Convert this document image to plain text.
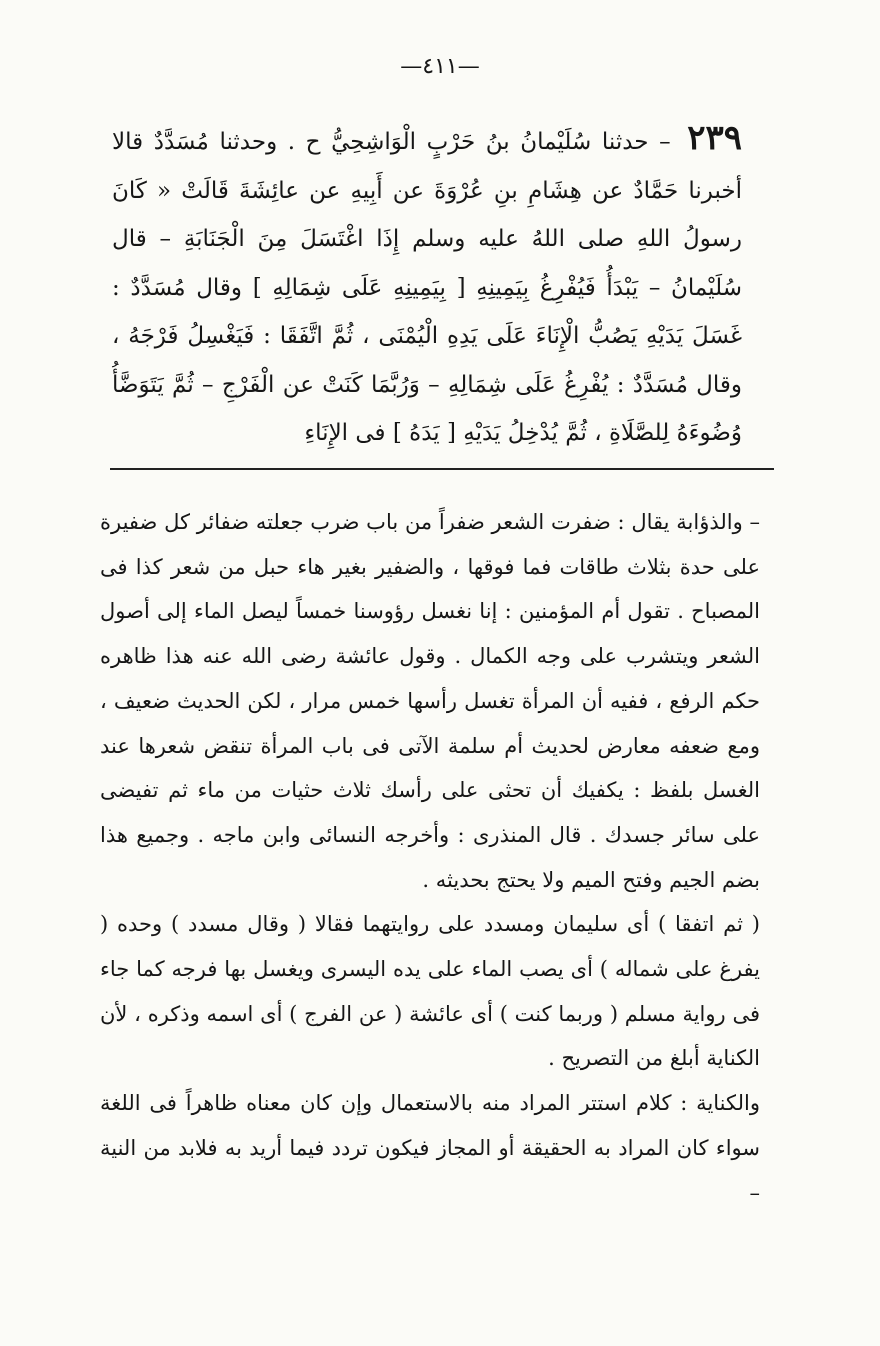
—٤١١—

٢٣٩ – حدثنا سُلَيْمانُ بنُ حَرْبٍ الْوَاشِحِيُّ ح . وحدثنا مُسَدَّدٌ قالا أخبرنا حَمَّادٌ عن هِشَامِ بنِ عُرْوَةَ عن أَبِيهِ عن عائِشَةَ قَالَتْ « كَانَ رسولُ اللهِ صلى اللهُ عليه وسلم إِذَا اغْتَسَلَ مِنَ الْجَنَابَةِ – قال سُلَيْمانُ – يَبْدَأُ فَيُفْرِغُ بِيَمِينِهِ [ بِيَمِينِهِ عَلَى شِمَالِهِ ] وقال مُسَدَّدٌ : غَسَلَ يَدَيْهِ يَصُبُّ الْإِنَاءَ عَلَى يَدِهِ الْيُمْنَى ، ثُمَّ اتَّفَقَا : فَيَغْسِلُ فَرْجَهُ ، وقال مُسَدَّدٌ : يُفْرِغُ عَلَى شِمَالِهِ – وَرُبَّمَا كَنَتْ عن الْفَرْجِ – ثُمَّ يَتَوَضَّأُ وُضُوءَهُ لِلصَّلَاةِ ، ثُمَّ يُدْخِلُ يَدَيْهِ [ يَدَهُ ] فى الإِنَاءِ

– والذؤابة يقال : ضفرت الشعر ضفراً من باب ضرب جعلته ضفائر كل ضفيرة على حدة بثلاث طاقات فما فوقها ، والضفير بغير هاء حبل من شعر كذا فى المصباح . تقول أم المؤمنين : إنا نغسل رؤوسنا خمساً ليصل الماء إلى أصول الشعر ويتشرب على وجه الكمال . وقول عائشة رضى الله عنه هذا ظاهره حكم الرفع ، ففيه أن المرأة تغسل رأسها خمس مرار ، لكن الحديث ضعيف ، ومع ضعفه معارض لحديث أم سلمة الآتى فى باب المرأة تنقض شعرها عند الغسل بلفظ : يكفيك أن تحثى على رأسك ثلاث حثيات من ماء ثم تفيضى على سائر جسدك . قال المنذرى : وأخرجه النسائى وابن ماجه . وجميع هذا بضم الجيم وفتح الميم ولا يحتج بحديثه .

( ثم اتفقا ) أى سليمان ومسدد على روايتهما فقالا ( وقال مسدد ) وحده ( يفرغ على شماله ) أى يصب الماء على يده اليسرى ويغسل بها فرجه كما جاء فى رواية مسلم ( وربما كنت ) أى عائشة ( عن الفرج ) أى اسمه وذكره ، لأن الكناية أبلغ من التصريح .

والكناية : كلام استتر المراد منه بالاستعمال وإن كان معناه ظاهراً فى اللغة سواء كان المراد به الحقيقة أو المجاز فيكون تردد فيما أريد به فلابد من النية –
